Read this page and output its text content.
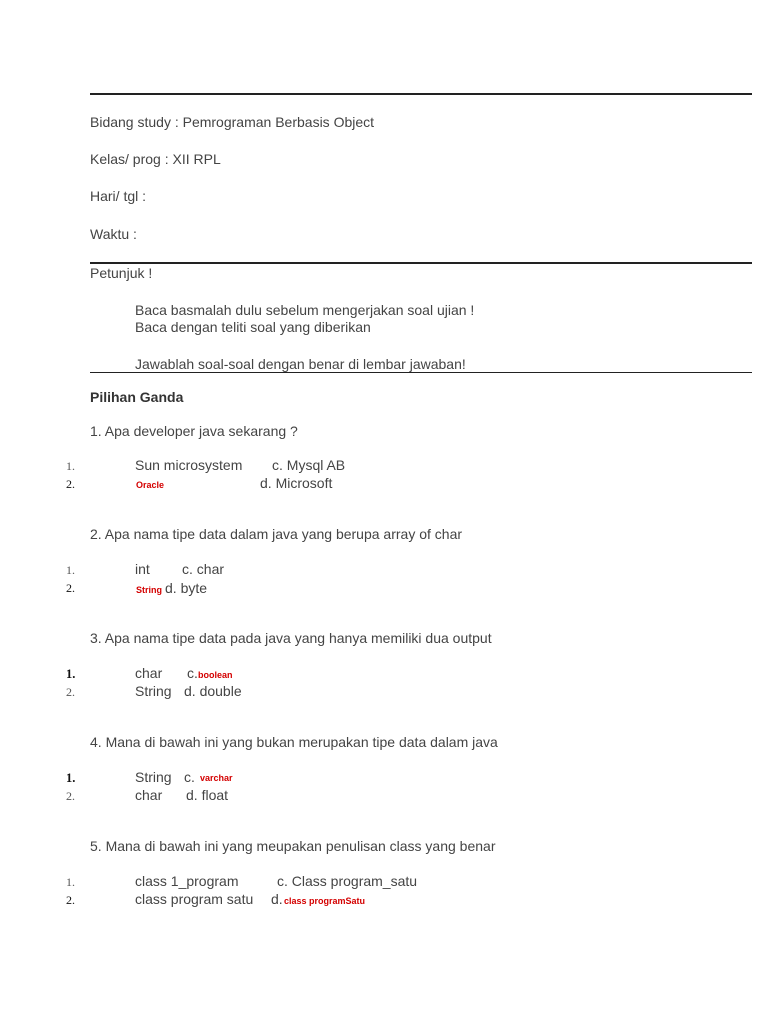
Bidang study : Pemrograman Berbasis Object
Kelas/ prog : XII RPL
Hari/ tgl :
Waktu :
Petunjuk !
Baca basmalah dulu sebelum mengerjakan soal ujian !
Baca dengan teliti soal yang diberikan
Jawablah soal-soal dengan benar di lembar jawaban!
Pilihan Ganda
1. Apa developer java sekarang ?
1.	Sun microsystem c. Mysql AB
2.	Oracle	d. Microsoft
2. Apa nama tipe data dalam java yang berupa array of char
1.	int c. char
2.	String d. byte
3. Apa nama tipe data pada java yang hanya memiliki dua output
1.	char c. boolean
2.	String d. double
4. Mana di bawah ini yang bukan merupakan tipe data dalam java
1.	String c. varchar
2.	char d. float
5. Mana di bawah ini yang meupakan penulisan class yang benar
1.	class 1_program	c. Class program_satu
2.	class program satu d. class programSatu
